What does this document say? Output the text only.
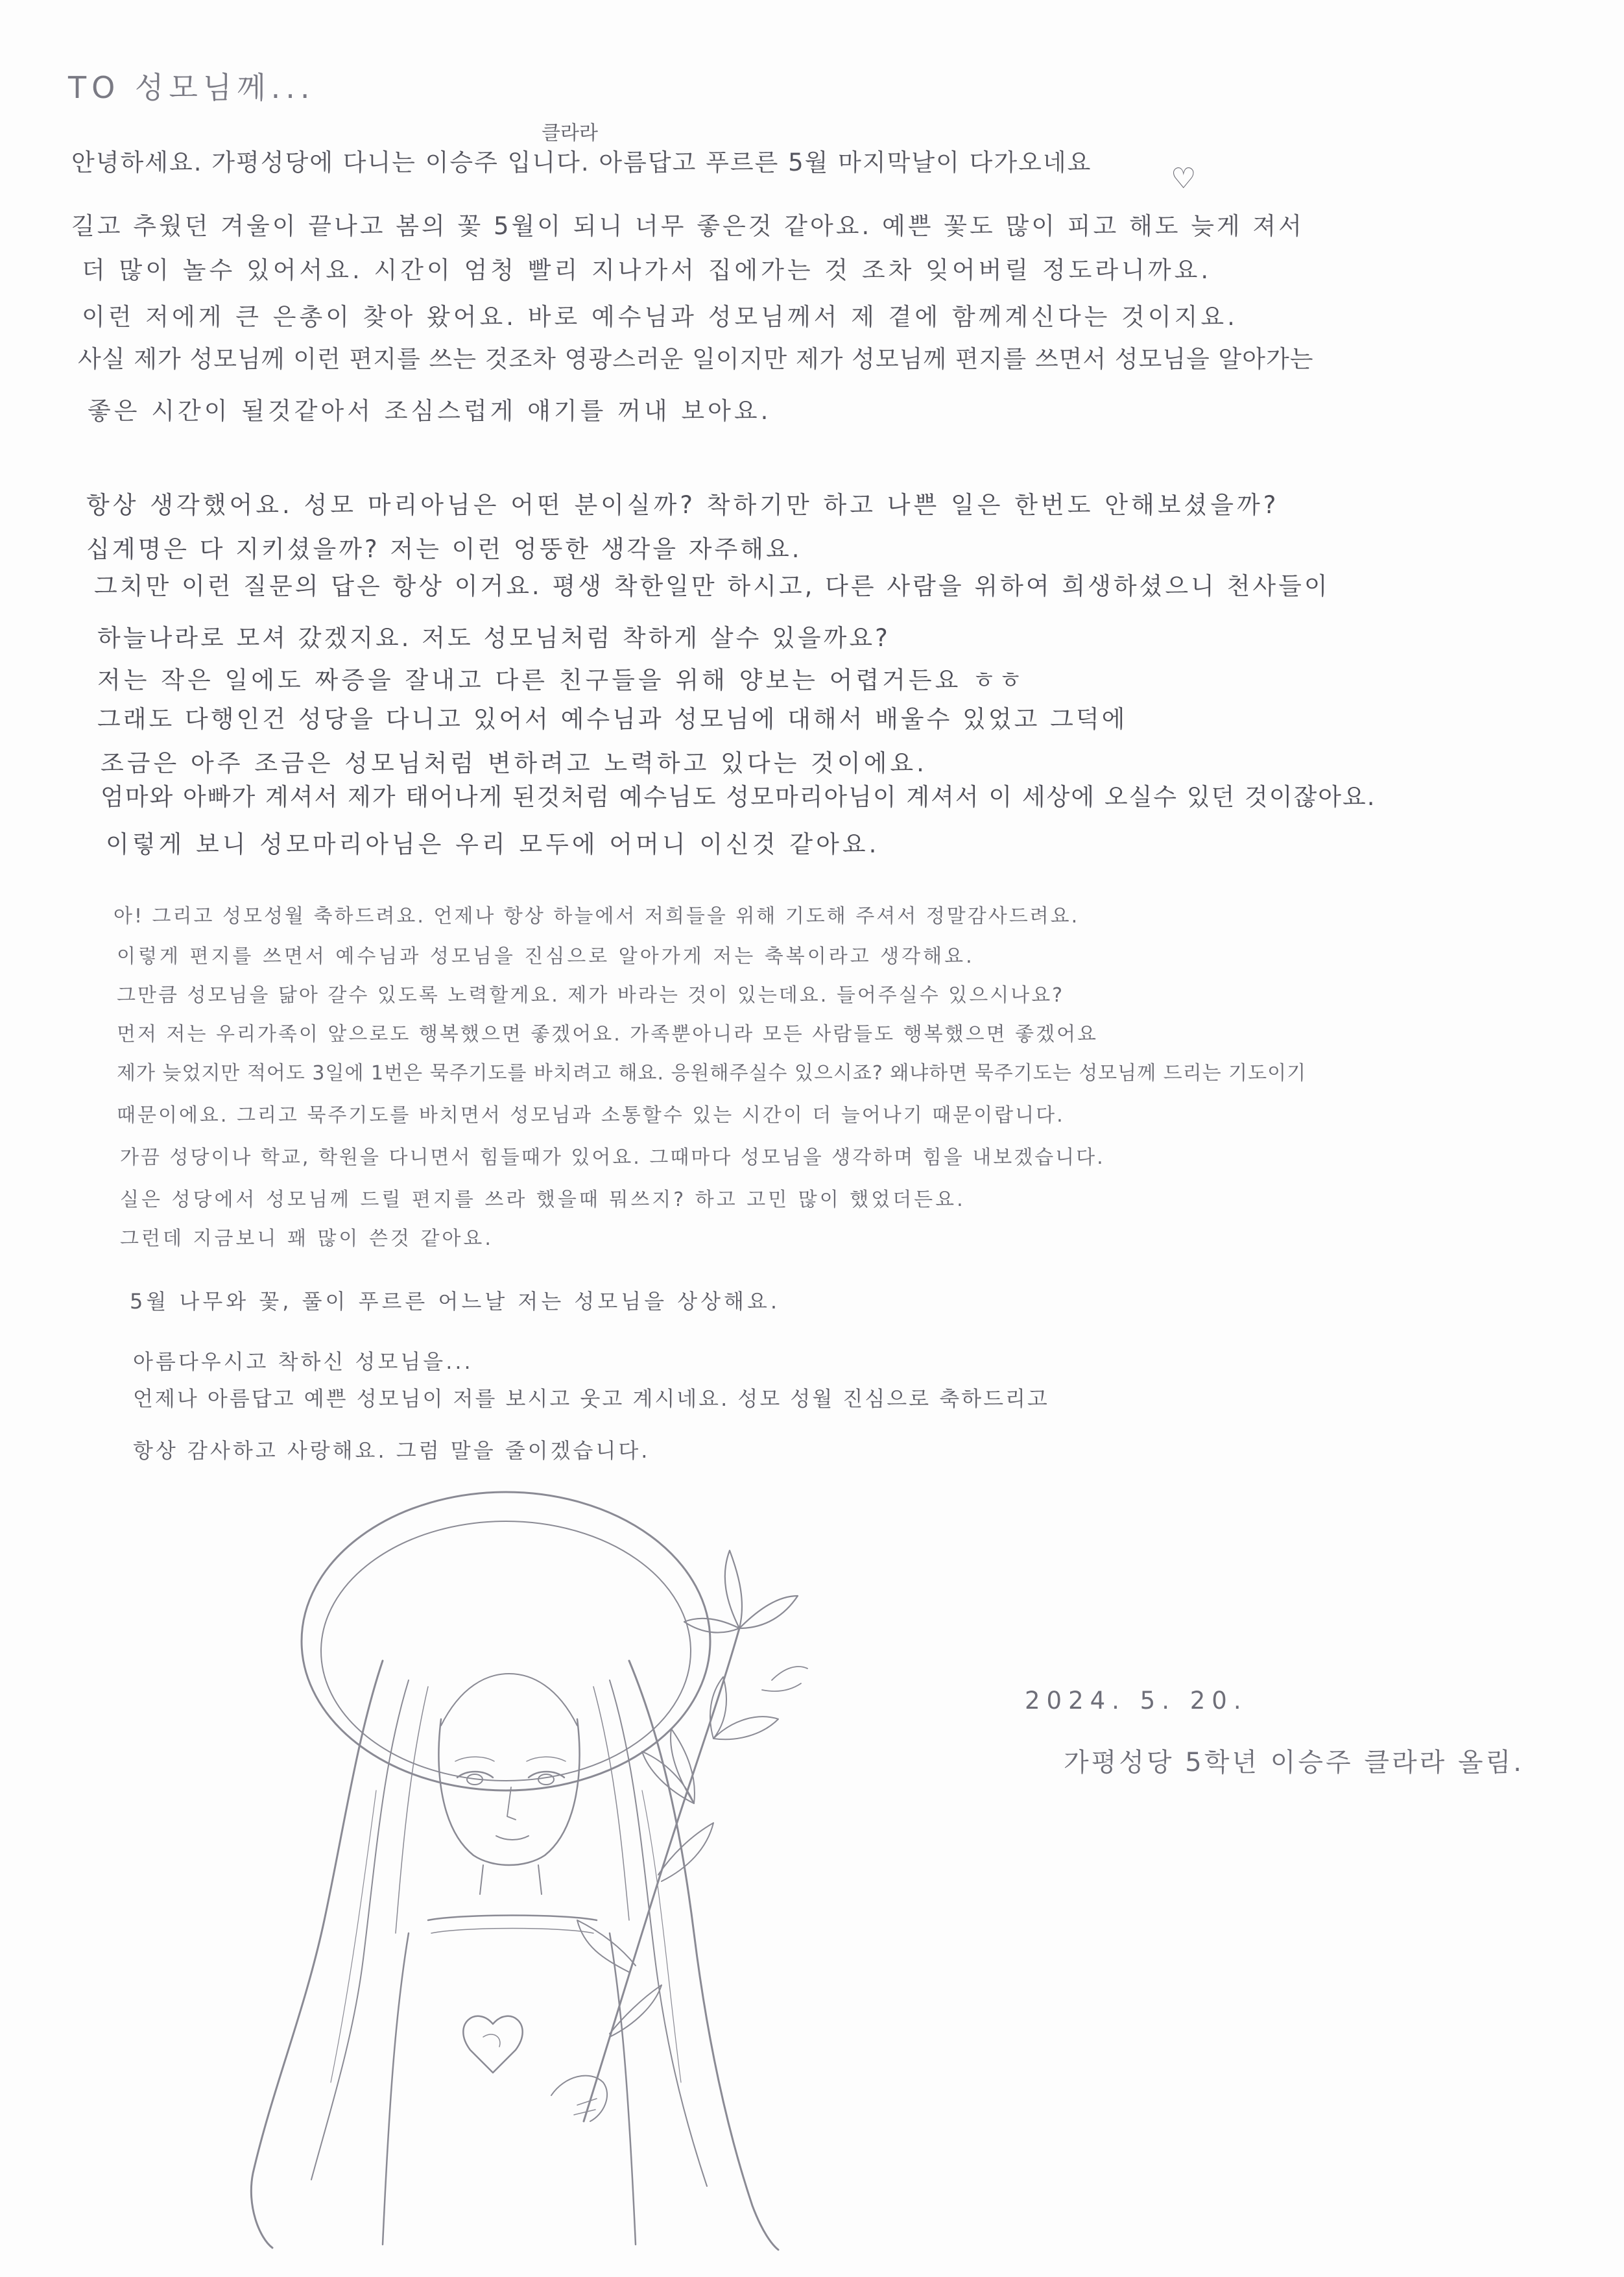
TO 성모님께...
클라라
안녕하세요. 가평성당에 다니는 이승주 입니다. 아름답고 푸르른 5월 마지막날이 다가오네요	♡
길고 추웠던 겨울이 끝나고 봄의 꽃 5월이 되니 너무 좋은것 같아요. 예쁜 꽃도 많이 피고 해도 늦게 져서
더 많이 놀수 있어서요. 시간이 엄청 빨리 지나가서 집에가는 것 조차 잊어버릴 정도라니까요.
이런 저에게 큰 은총이 찾아 왔어요. 바로 예수님과 성모님께서 제 곁에 함께계신다는 것이지요.
사실 제가 성모님께 이런 편지를 쓰는 것조차 영광스러운 일이지만 제가 성모님께 편지를 쓰면서 성모님을 알아가는
좋은 시간이 될것같아서 조심스럽게 얘기를 꺼내 보아요.
항상 생각했어요. 성모 마리아님은 어떤 분이실까? 착하기만 하고 나쁜 일은 한번도 안해보셨을까?
십계명은 다 지키셨을까? 저는 이런 엉뚱한 생각을 자주해요.
그치만 이런 질문의 답은 항상 이거요. 평생 착한일만 하시고, 다른 사람을 위하여 희생하셨으니 천사들이
하늘나라로 모셔 갔겠지요. 저도 성모님처럼 착하게 살수 있을까요?
저는 작은 일에도 짜증을 잘내고 다른 친구들을 위해 양보는 어렵거든요 ㅎㅎ
그래도 다행인건 성당을 다니고 있어서 예수님과 성모님에 대해서 배울수 있었고 그덕에
조금은 아주 조금은 성모님처럼 변하려고 노력하고 있다는 것이에요.
엄마와 아빠가 계셔서 제가 태어나게 된것처럼 예수님도 성모마리아님이 계셔서 이 세상에 오실수 있던 것이잖아요.
이렇게 보니 성모마리아님은 우리 모두에 어머니 이신것 같아요.
아! 그리고 성모성월 축하드려요. 언제나 항상 하늘에서 저희들을 위해 기도해 주셔서 정말감사드려요.
이렇게 편지를 쓰면서 예수님과 성모님을 진심으로 알아가게 저는 축복이라고 생각해요.
그만큼 성모님을 닮아 갈수 있도록 노력할게요. 제가 바라는 것이 있는데요. 들어주실수 있으시나요?
먼저 저는 우리가족이 앞으로도 행복했으면 좋겠어요. 가족뿐아니라 모든 사람들도 행복했으면 좋겠어요
제가 늦었지만 적어도 3일에 1번은 묵주기도를 바치려고 해요. 응원해주실수 있으시죠? 왜냐하면 묵주기도는 성모님께 드리는 기도이기
때문이에요. 그리고 묵주기도를 바치면서 성모님과 소통할수 있는 시간이 더 늘어나기 때문이랍니다.
가끔 성당이나 학교, 학원을 다니면서 힘들때가 있어요. 그때마다 성모님을 생각하며 힘을 내보겠습니다.
실은 성당에서 성모님께 드릴 편지를 쓰라 했을때 뭐쓰지? 하고 고민 많이 했었더든요.
그런데 지금보니 꽤 많이 쓴것 같아요.
5월 나무와 꽃, 풀이 푸르른 어느날 저는 성모님을 상상해요.
아름다우시고 착하신 성모님을...
언제나 아름답고 예쁜 성모님이 저를 보시고 웃고 계시네요. 성모 성월 진심으로 축하드리고
항상 감사하고 사랑해요. 그럼 말을 줄이겠습니다.
2024. 5. 20.
가평성당 5학년 이승주 클라라 올림.
